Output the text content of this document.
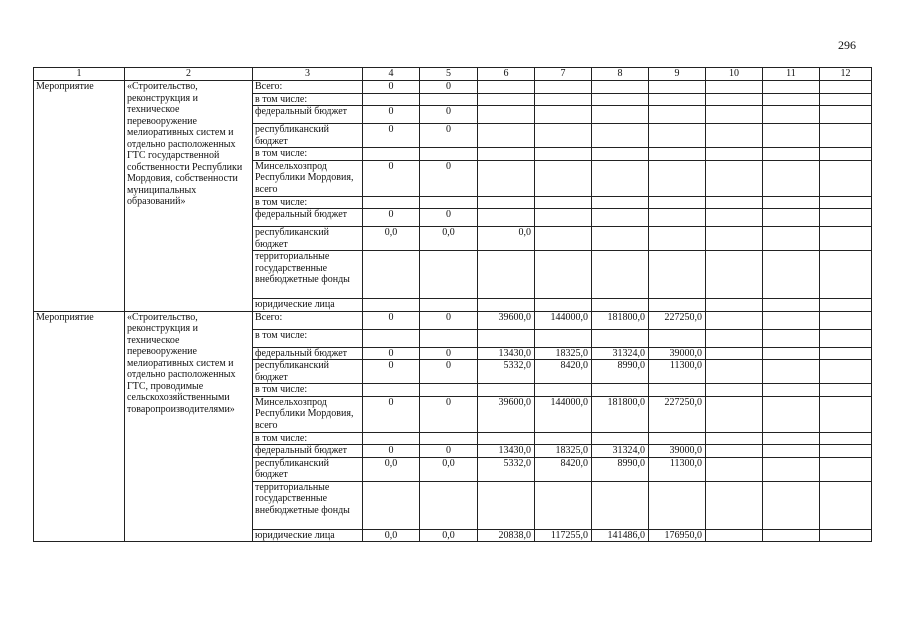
296
1	2	3	4	5	6	7	8	9	10	11	12
Мероприятие	«Строительство, реконструкция и техническое перевооружение мелиоративных систем и отдельно расположенных ГТС государственной собственности Республики Мордовия, собственности муниципальных образований»	Всего:	0	0							
		в том числе:									
		федеральный бюджет	0	0							
		республиканский бюджет	0	0							
		в том числе:									
		Минсельхозпрод Республики Мордовия, всего	0	0							
		в том числе:									
		федеральный бюджет	0	0							
		республиканский бюджет	0,0	0,0	0,0						
		территориальные государственные внебюджетные фонды									
		юридические лица									
Мероприятие	«Строительство, реконструкция и техническое перевооружение мелиоративных систем и отдельно расположенных ГТС, проводимые сельскохозяйственными товаропроизводителями»	Всего:	0	0	39600,0	144000,0	181800,0	227250,0			
		в том числе:									
		федеральный бюджет	0	0	13430,0	18325,0	31324,0	39000,0			
		республиканский бюджет	0	0	5332,0	8420,0	8990,0	11300,0			
		в том числе:									
		Минсельхозпрод Республики Мордовия, всего	0	0	39600,0	144000,0	181800,0	227250,0			
		в том числе:									
		федеральный бюджет	0	0	13430,0	18325,0	31324,0	39000,0			
		республиканский бюджет	0,0	0,0	5332,0	8420,0	8990,0	11300,0			
		территориальные государственные внебюджетные фонды									
		юридические лица	0,0	0,0	20838,0	117255,0	141486,0	176950,0			
